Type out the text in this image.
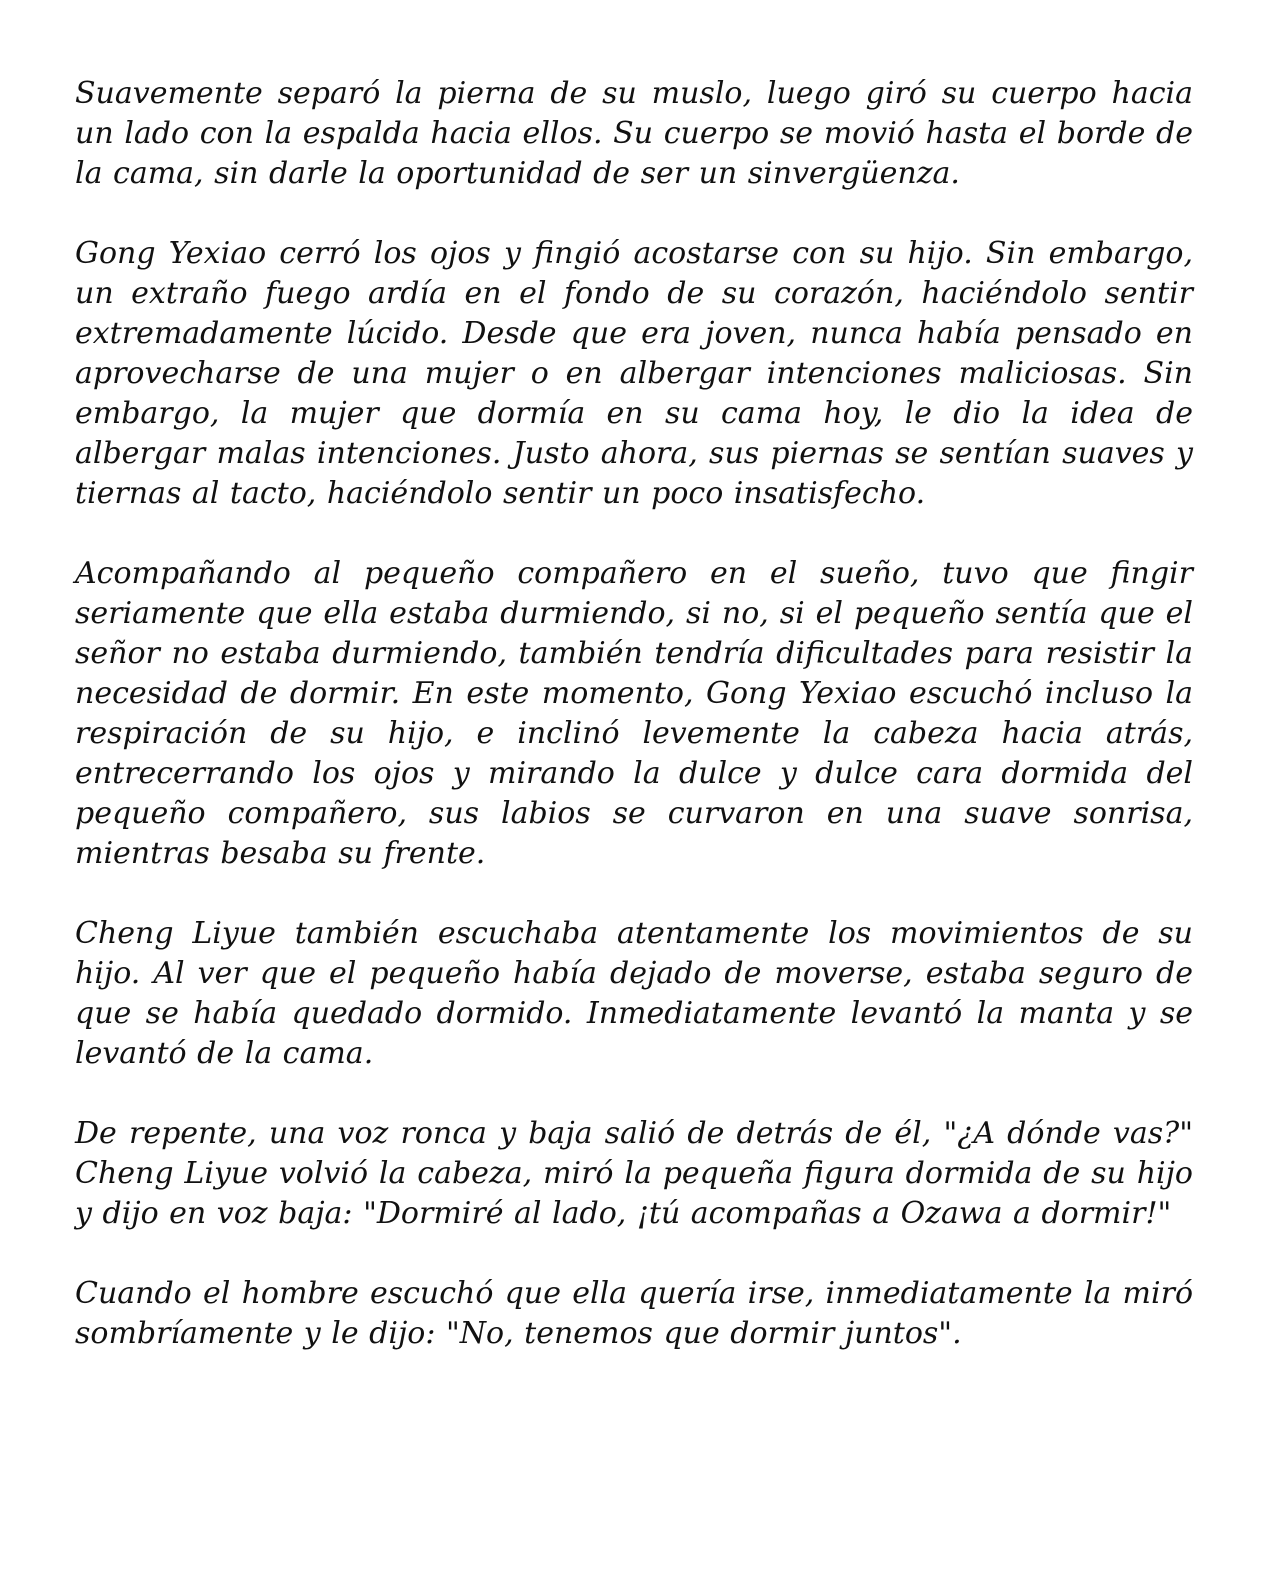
Suavemente separó la pierna de su muslo, luego giró su cuerpo hacia un lado con la espalda hacia ellos. Su cuerpo se movió hasta el borde de la cama, sin darle la oportunidad de ser un sinvergüenza.

Gong Yexiao cerró los ojos y fingió acostarse con su hijo. Sin embargo, un extraño fuego ardía en el fondo de su corazón, haciéndolo sentir extremadamente lúcido. Desde que era joven, nunca había pensado en aprovecharse de una mujer o en albergar intenciones maliciosas. Sin embargo, la mujer que dormía en su cama hoy, le dio la idea de albergar malas intenciones. Justo ahora, sus piernas se sentían suaves y tiernas al tacto, haciéndolo sentir un poco insatisfecho.

Acompañando al pequeño compañero en el sueño, tuvo que fingir seriamente que ella estaba durmiendo, si no, si el pequeño sentía que el señor no estaba durmiendo, también tendría dificultades para resistir la necesidad de dormir. En este momento, Gong Yexiao escuchó incluso la respiración de su hijo, e inclinó levemente la cabeza hacia atrás, entrecerrando los ojos y mirando la dulce y dulce cara dormida del pequeño compañero, sus labios se curvaron en una suave sonrisa, mientras besaba su frente.

Cheng Liyue también escuchaba atentamente los movimientos de su hijo. Al ver que el pequeño había dejado de moverse, estaba seguro de que se había quedado dormido. Inmediatamente levantó la manta y se levantó de la cama.

De repente, una voz ronca y baja salió de detrás de él, "¿A dónde vas?" Cheng Liyue volvió la cabeza, miró la pequeña figura dormida de su hijo y dijo en voz baja: "Dormiré al lado, ¡tú acompañas a Ozawa a dormir!"

Cuando el hombre escuchó que ella quería irse, inmediatamente la miró sombríamente y le dijo: "No, tenemos que dormir juntos".
